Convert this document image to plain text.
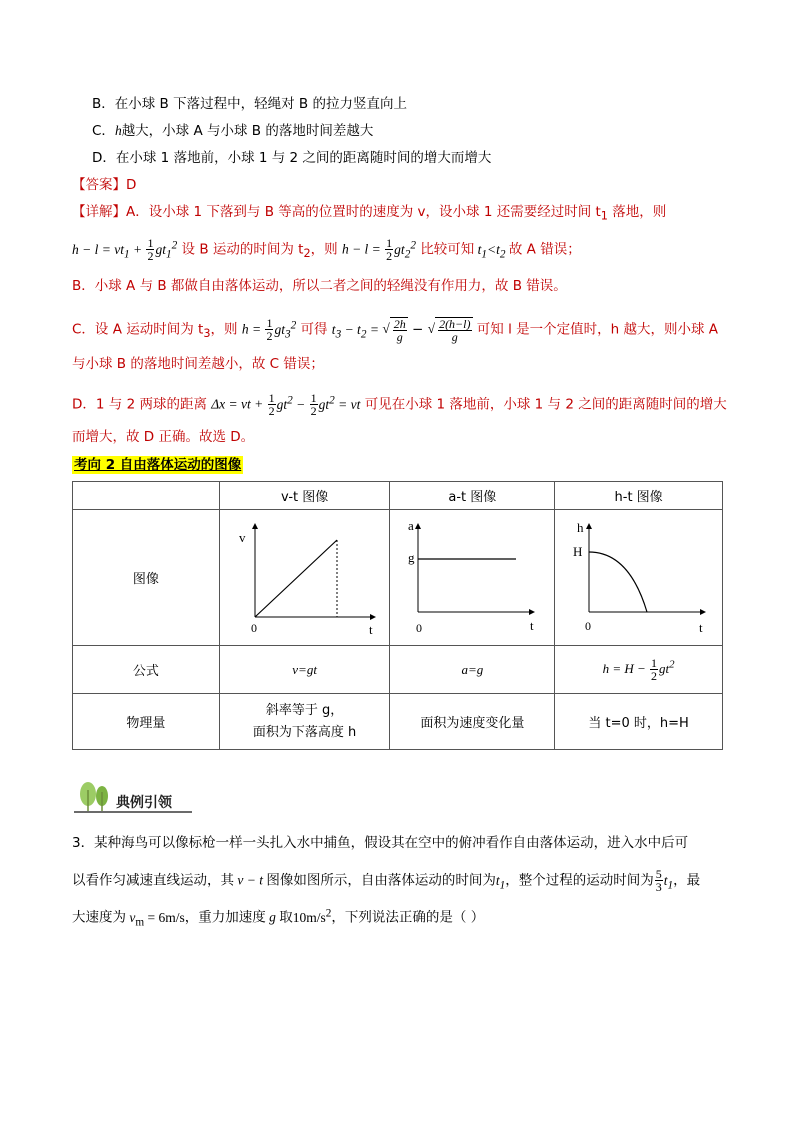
B．在小球 B 下落过程中，轻绳对 B 的拉力竖直向上
C．h越大，小球 A 与小球 B 的落地时间差越大
D．在小球 1 落地前，小球 1 与 2 之间的距离随时间的增大而增大
【答案】D
【详解】A．设小球 1 下落到与 B 等高的位置时的速度为 v，设小球 1 还需要经过时间 $t_1$ 落地，则
$h - l = vt_1 + \frac{1}{2} gt_1^2$ 设 B 运动的时间为 $t_2$，则 $h - l = \frac{1}{2} gt_2^2$ 比较可知 $t_1<t_2$ 故 A 错误；
B．小球 A 与 B 都做自由落体运动，所以二者之间的轻绳没有作用力，故 B 错误。
C．设 A 运动时间为 $t_3$，则 $h = \frac{1}{2} gt_3^2$ 可得 $t_3 - t_2$ = √ $\frac{2h}{g}$ − √ $\frac{2(h-l)}{g}$ 可知 l 是一个定值时，h 越大，则小球 A
与小球 B 的落地时间差越小，故 C 错误；
D．1 与 2 两球的距离 Δx = vt + $\frac{1}{2} gt^2 - \frac{1}{2} gt^2$ = vt 可见在小球 1 落地前，小球 1 与 2 之间的距离随时间的增大
而增大，故 D 正确。故选 D。
考向 2 自由落体运动的图像
	v-t 图像	a-t 图像	h-t 图像
图像	v
0 t	a
g
0 t	h
H
0 t

公式	v=gt	a=g	$h = H - \frac{1}{2} gt^2$
物理量	斜率等于 g，
面积为下落高度 h	面积为速度变化量	当 t=0 时，h=H
典例引领
3．某种海鸟可以像标枪一样一头扎入水中捕鱼，假设其在空中的俯冲看作自由落体运动，进入水中后可
以看作匀减速直线运动，其 v − t 图像如图所示，自由落体运动的时间为$t_1$，整个过程的运动时间为 $\frac{5}{3} t_1$，最
大速度为 $v_m = 6m/s$，重力加速度 g 取$10m/s^2$，下列说法正确的是（ ）
